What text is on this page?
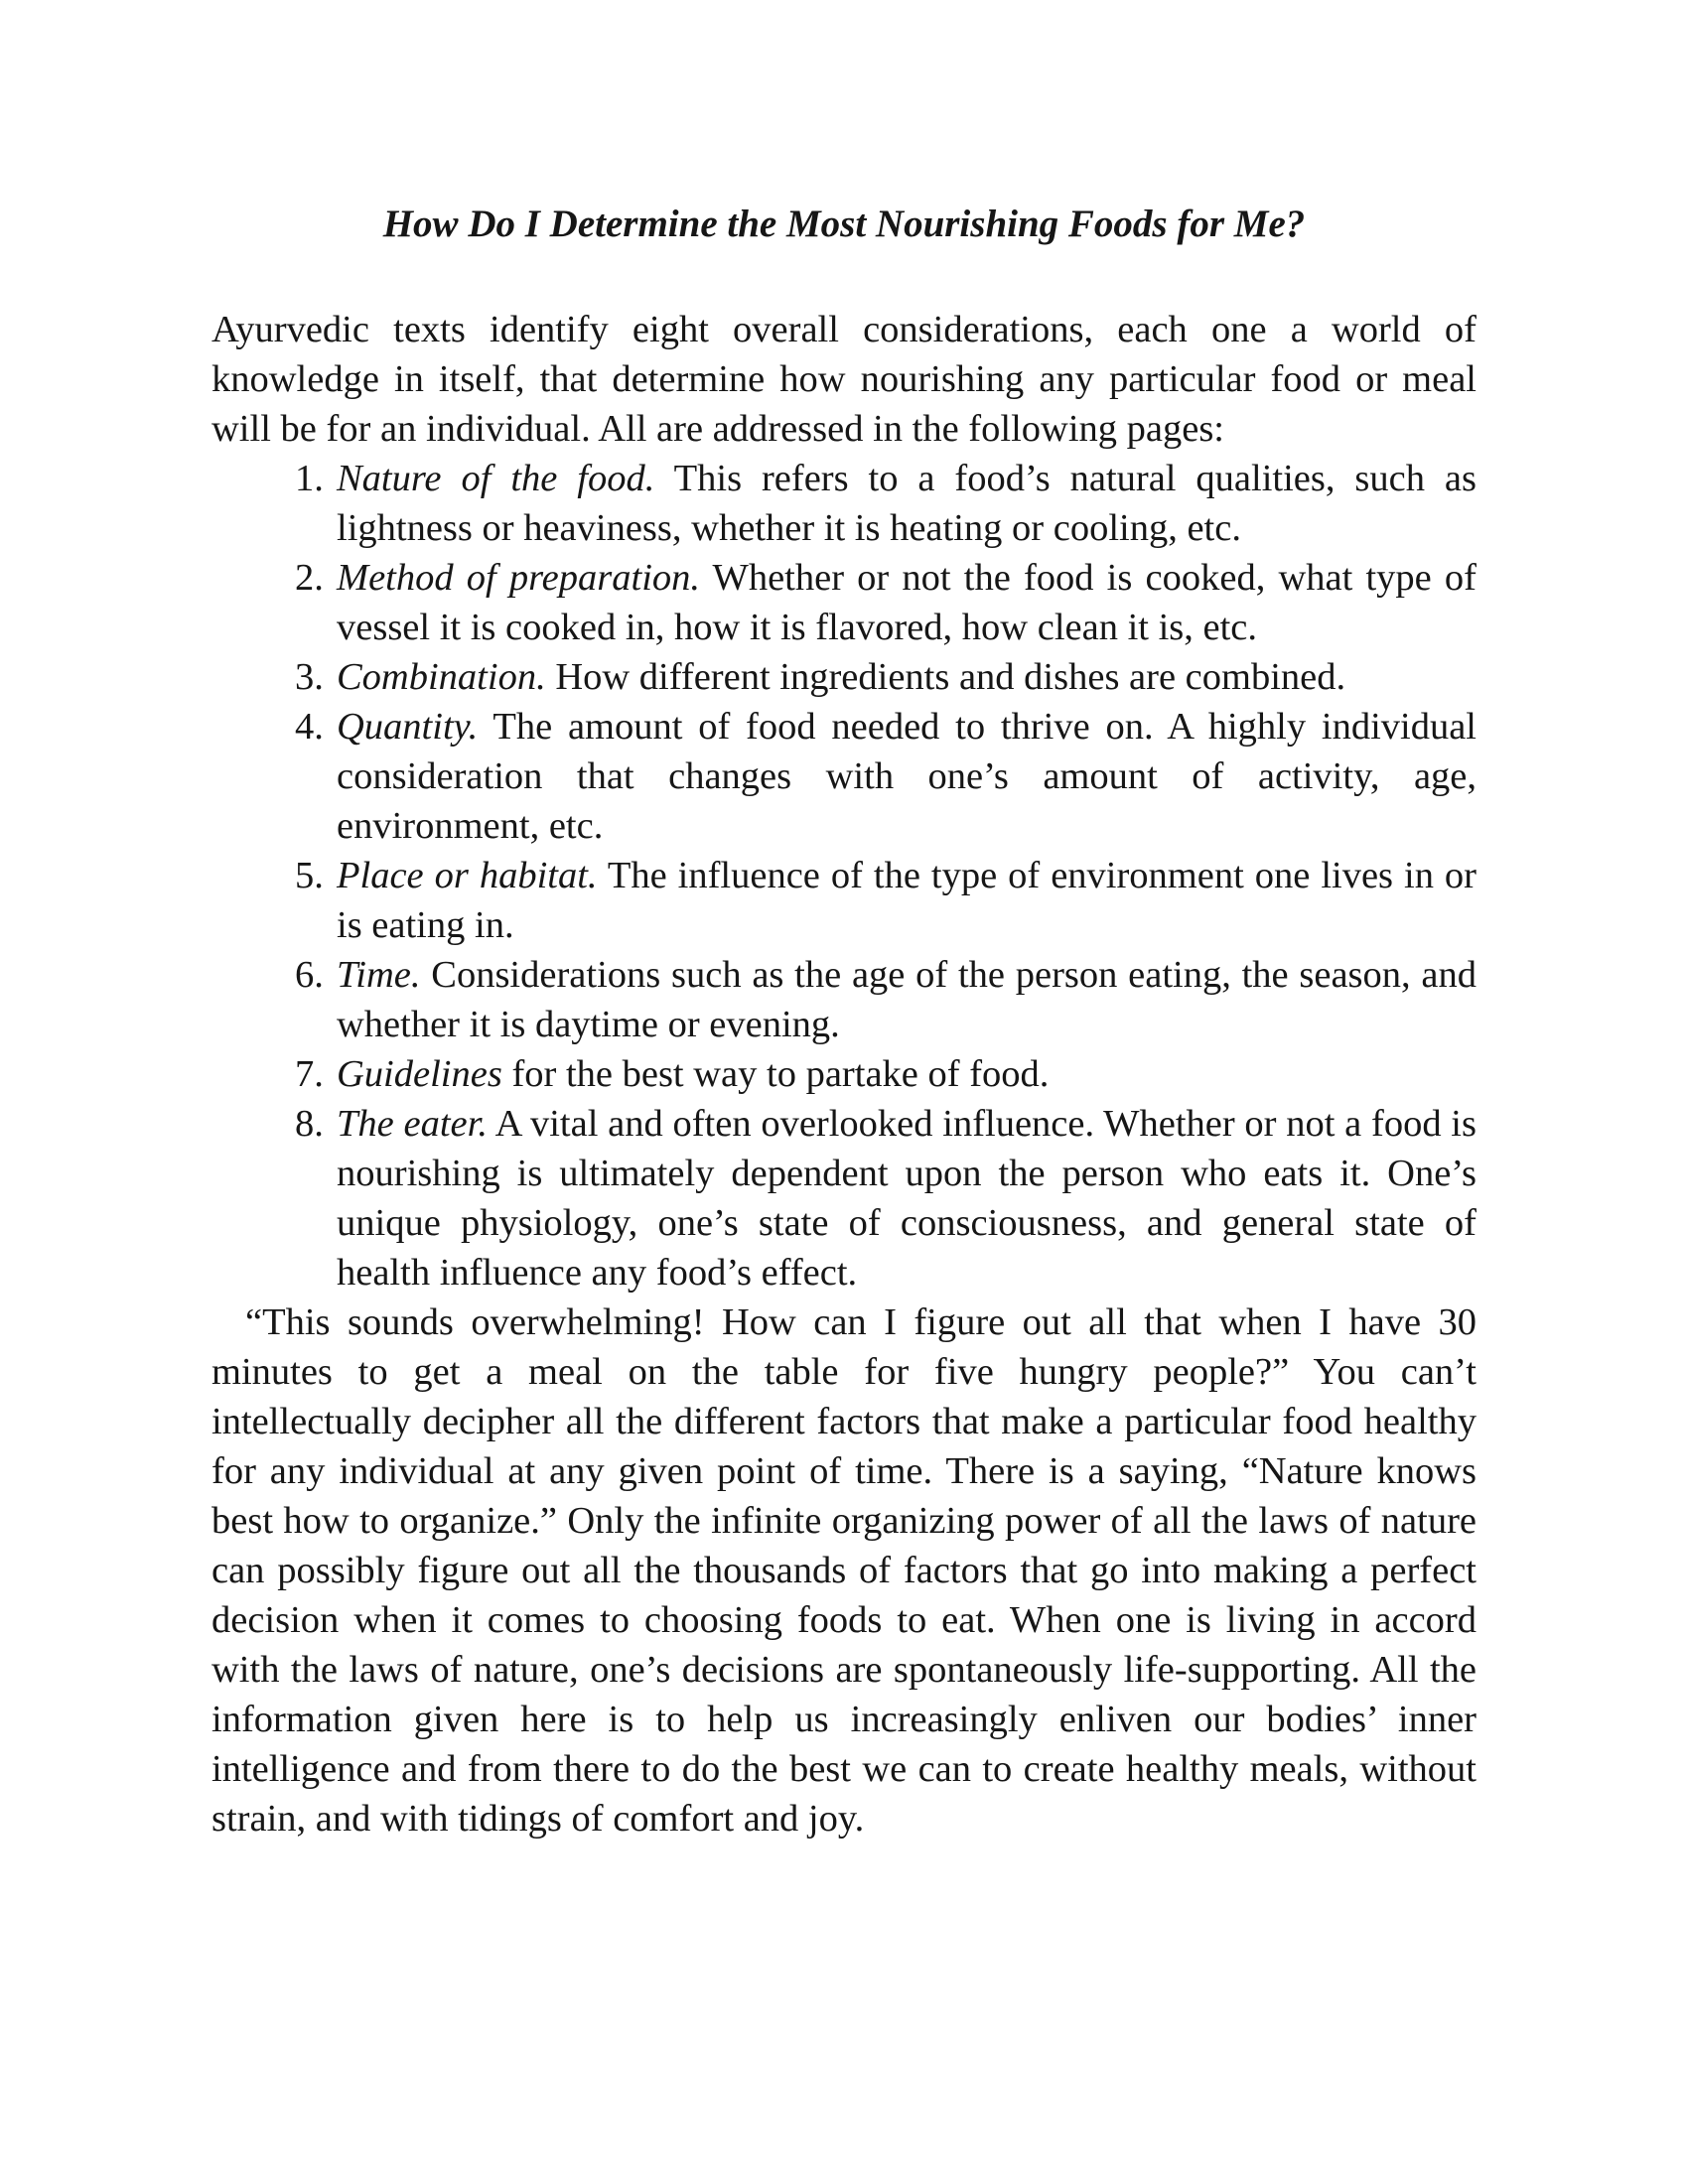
How Do I Determine the Most Nourishing Foods for Me?

Ayurvedic texts identify eight overall considerations, each one a world of knowledge in itself, that determine how nourishing any particular food or meal will be for an individual. All are addressed in the following pages:

1. Nature of the food. This refers to a food’s natural qualities, such as lightness or heaviness, whether it is heating or cooling, etc.
2. Method of preparation. Whether or not the food is cooked, what type of vessel it is cooked in, how it is flavored, how clean it is, etc.
3. Combination. How different ingredients and dishes are combined.
4. Quantity. The amount of food needed to thrive on. A highly individual consideration that changes with one’s amount of activity, age, environment, etc.
5. Place or habitat. The influence of the type of environment one lives in or is eating in.
6. Time. Considerations such as the age of the person eating, the season, and whether it is daytime or evening.
7. Guidelines for the best way to partake of food.
8. The eater. A vital and often overlooked influence. Whether or not a food is nourishing is ultimately dependent upon the person who eats it. One’s unique physiology, one’s state of consciousness, and general state of health influence any food’s effect.

“This sounds overwhelming! How can I figure out all that when I have 30 minutes to get a meal on the table for five hungry people?” You can’t intellectually decipher all the different factors that make a particular food healthy for any individual at any given point of time. There is a saying, “Nature knows best how to organize.” Only the infinite organizing power of all the laws of nature can possibly figure out all the thousands of factors that go into making a perfect decision when it comes to choosing foods to eat. When one is living in accord with the laws of nature, one’s decisions are spontaneously life-supporting. All the information given here is to help us increasingly enliven our bodies’ inner intelligence and from there to do the best we can to create healthy meals, without strain, and with tidings of comfort and joy.
